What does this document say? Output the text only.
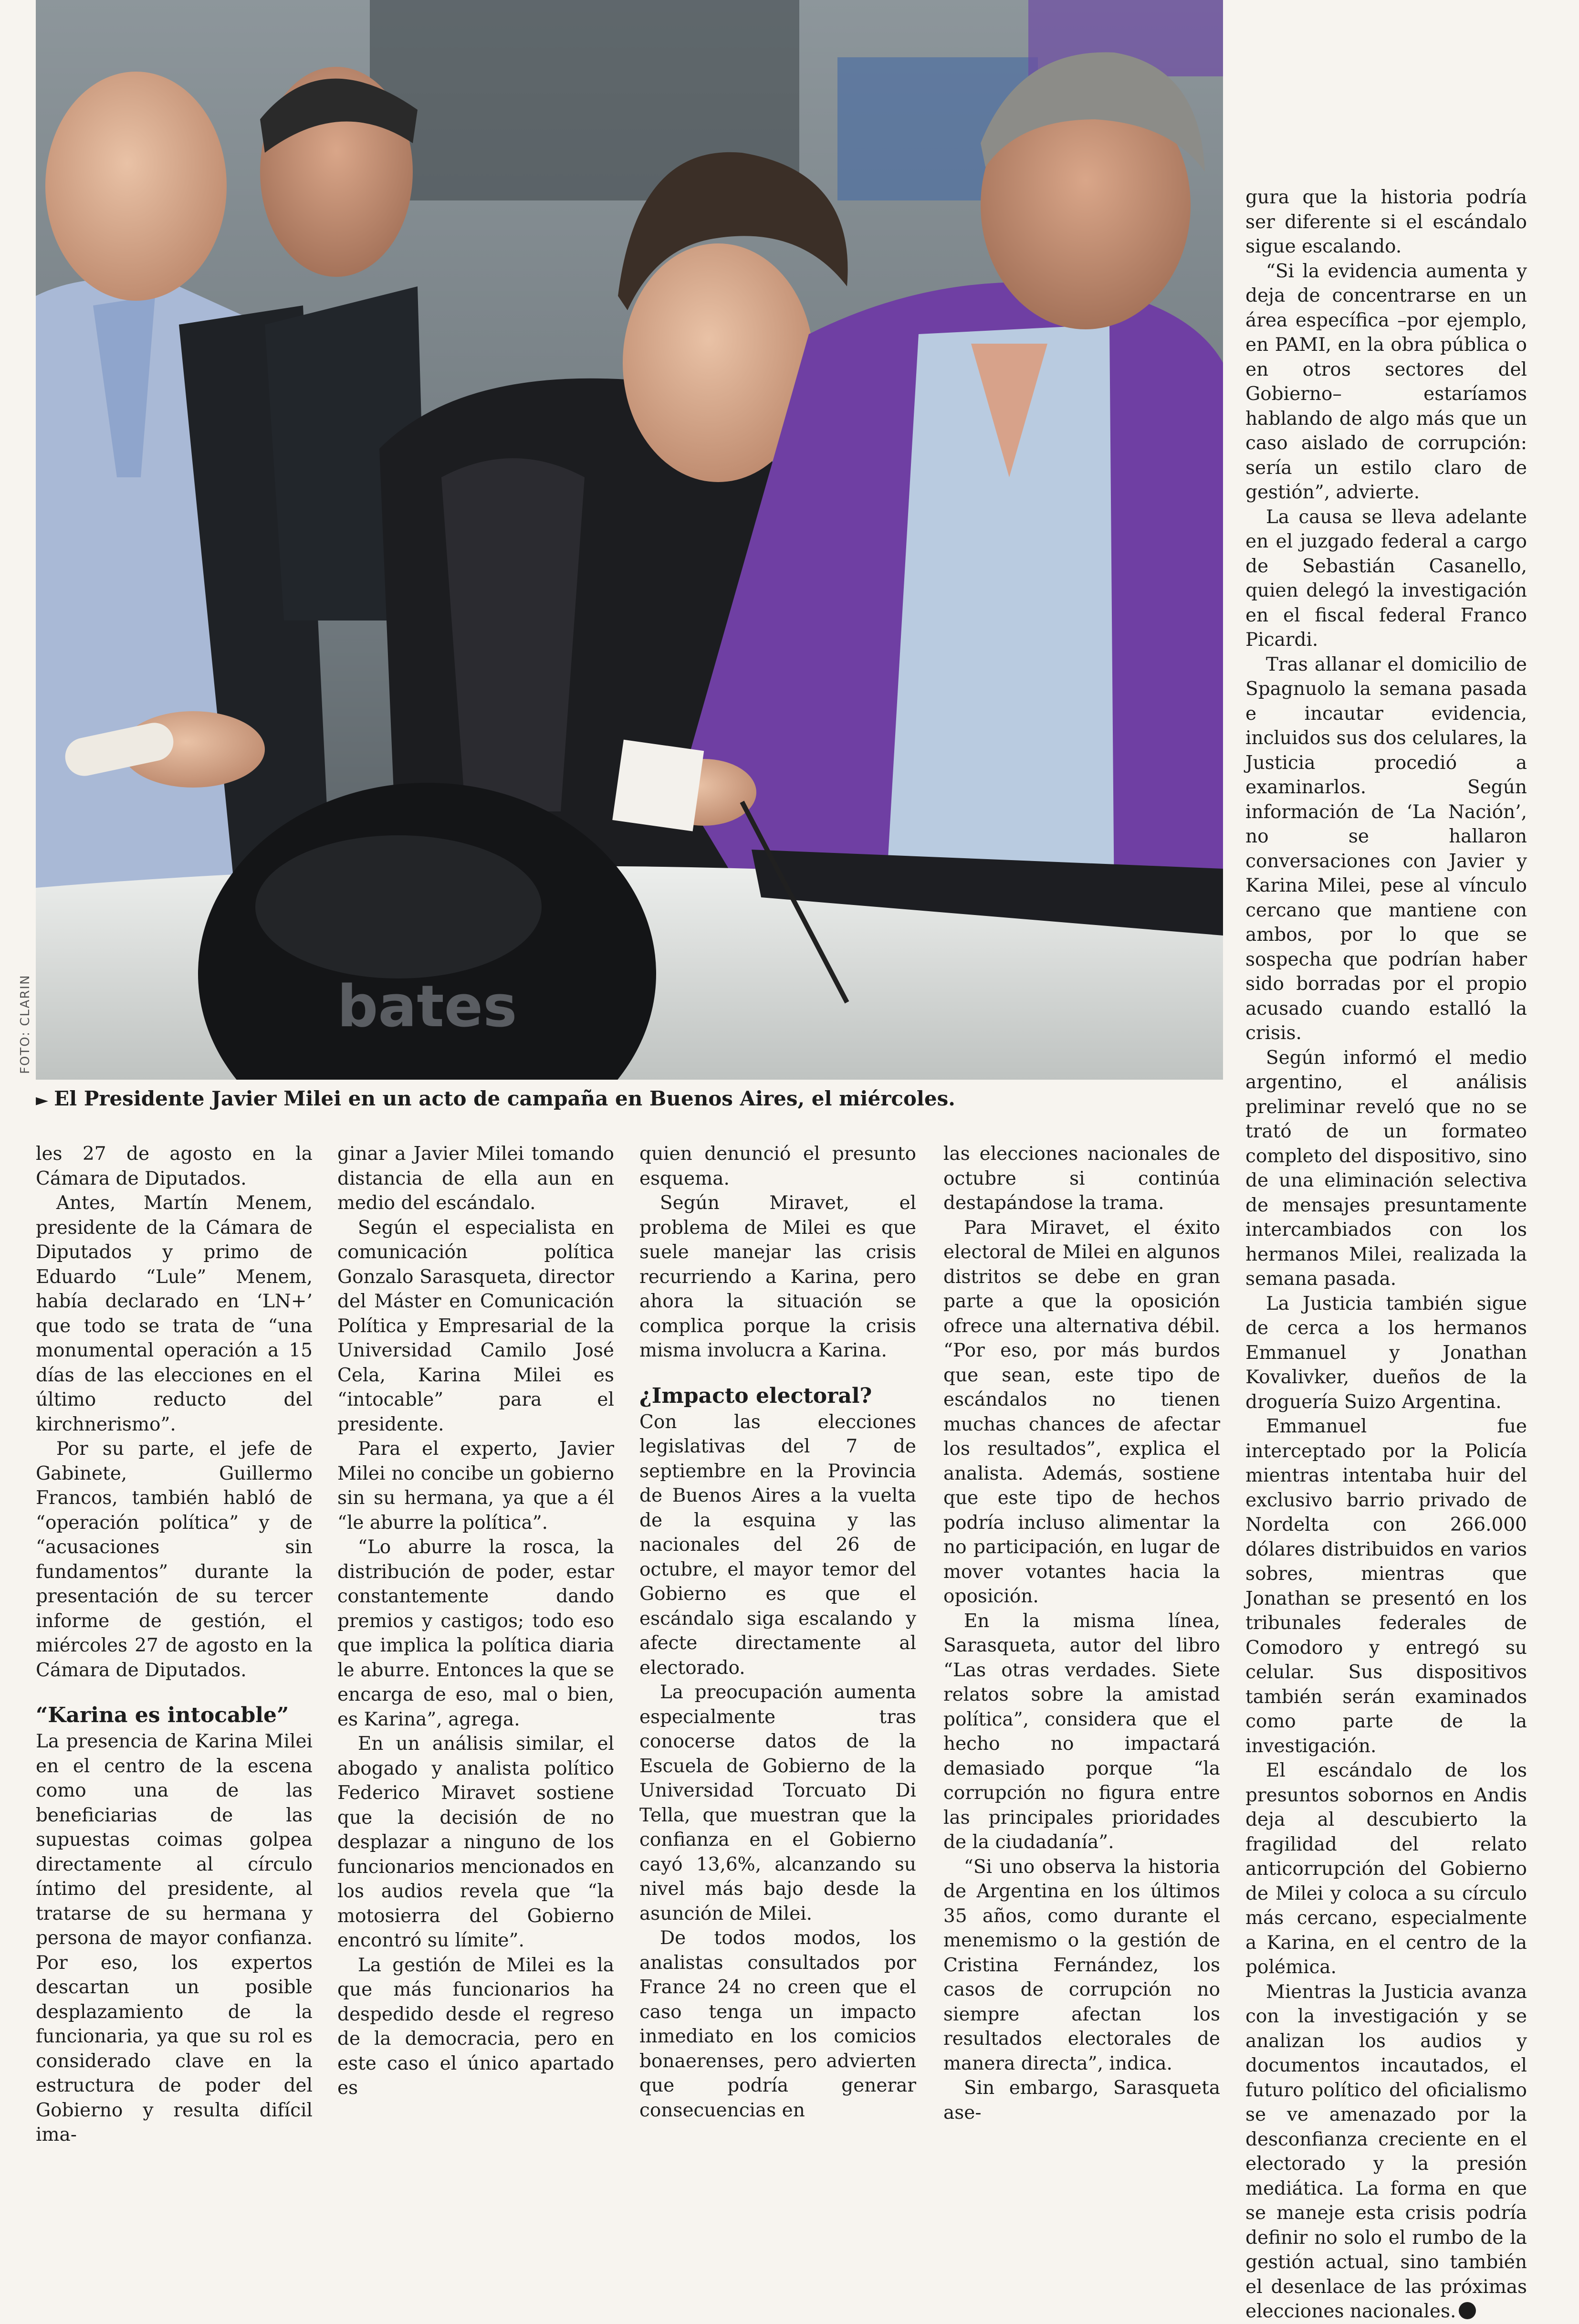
bates
FOTO: CLARIN
► El Presidente Javier Milei en un acto de campaña en Buenos Aires, el miércoles.

les 27 de agosto en la Cámara de Diputados.

Antes, Martín Menem, presidente de la Cámara de Diputados y primo de Eduardo “Lule” Menem, había declarado en ‘LN+’ que todo se trata de “una monumental operación a 15 días de las elecciones en el último reducto del kirchnerismo”.

Por su parte, el jefe de Gabinete, Guillermo Francos, también habló de “operación política” y de “acusaciones sin fundamentos” durante la presentación de su tercer informe de gestión, el miércoles 27 de agosto en la Cámara de Diputados.

“Karina es intocable”

La presencia de Karina Milei en el centro de la escena como una de las beneficiarias de las supuestas coimas golpea directamente al círculo íntimo del presidente, al tratarse de su hermana y persona de mayor confianza. Por eso, los expertos descartan un posible desplazamiento de la funcionaria, ya que su rol es considerado clave en la estructura de poder del Gobierno y resulta difícil ima-

ginar a Javier Milei tomando distancia de ella aun en medio del escándalo.

Según el especialista en comunicación política Gonzalo Sarasqueta, director del Máster en Comunicación Política y Empresarial de la Universidad Camilo José Cela, Karina Milei es “intocable” para el presidente.

Para el experto, Javier Milei no concibe un gobierno sin su hermana, ya que a él “le aburre la política”.

“Lo aburre la rosca, la distribución de poder, estar constantemente dando premios y castigos; todo eso que implica la política diaria le aburre. Entonces la que se encarga de eso, mal o bien, es Karina”, agrega.

En un análisis similar, el abogado y analista político Federico Miravet sostiene que la decisión de no desplazar a ninguno de los funcionarios mencionados en los audios revela que “la motosierra del Gobierno encontró su límite”.

La gestión de Milei es la que más funcionarios ha despedido desde el regreso de la democracia, pero en este caso el único apartado es

quien denunció el presunto esquema.

Según Miravet, el problema de Milei es que suele manejar las crisis recurriendo a Karina, pero ahora la situación se complica porque la crisis misma involucra a Karina.

¿Impacto electoral?

Con las elecciones legislativas del 7 de septiembre en la Provincia de Buenos Aires a la vuelta de la esquina y las nacionales del 26 de octubre, el mayor temor del Gobierno es que el escándalo siga escalando y afecte directamente al electorado.

La preocupación aumenta especialmente tras conocerse datos de la Escuela de Gobierno de la Universidad Torcuato Di Tella, que muestran que la confianza en el Gobierno cayó 13,6%, alcanzando su nivel más bajo desde la asunción de Milei.

De todos modos, los analistas consultados por France 24 no creen que el caso tenga un impacto inmediato en los comicios bonaerenses, pero advierten que podría generar consecuencias en

las elecciones nacionales de octubre si continúa destapándose la trama.

Para Miravet, el éxito electoral de Milei en algunos distritos se debe en gran parte a que la oposición ofrece una alternativa débil. “Por eso, por más burdos que sean, este tipo de escándalos no tienen muchas chances de afectar los resultados”, explica el analista. Además, sostiene que este tipo de hechos podría incluso alimentar la no participación, en lugar de mover votantes hacia la oposición.

En la misma línea, Sarasqueta, autor del libro “Las otras verdades. Siete relatos sobre la amistad política”, considera que el hecho no impactará demasiado porque “la corrupción no figura entre las principales prioridades de la ciudadanía”.

“Si uno observa la historia de Argentina en los últimos 35 años, como durante el menemismo o la gestión de Cristina Fernández, los casos de corrupción no siempre afectan los resultados electorales de manera directa”, indica.

Sin embargo, Sarasqueta ase-

gura que la historia podría ser diferente si el escándalo sigue escalando.

“Si la evidencia aumenta y deja de concentrarse en un área específica –por ejemplo, en PAMI, en la obra pública o en otros sectores del Gobierno– estaríamos hablando de algo más que un caso aislado de corrupción: sería un estilo claro de gestión”, advierte.

La causa se lleva adelante en el juzgado federal a cargo de Sebastián Casanello, quien delegó la investigación en el fiscal federal Franco Picardi.

Tras allanar el domicilio de Spagnuolo la semana pasada e incautar evidencia, incluidos sus dos celulares, la Justicia procedió a examinarlos. Según información de ‘La Nación’, no se hallaron conversaciones con Javier y Karina Milei, pese al vínculo cercano que mantiene con ambos, por lo que se sospecha que podrían haber sido borradas por el propio acusado cuando estalló la crisis.

Según informó el medio argentino, el análisis preliminar reveló que no se trató de un formateo completo del dispositivo, sino de una eliminación selectiva de mensajes presuntamente intercambiados con los hermanos Milei, realizada la semana pasada.

La Justicia también sigue de cerca a los hermanos Emmanuel y Jonathan Kovalivker, dueños de la droguería Suizo Argentina.

Emmanuel fue interceptado por la Policía mientras intentaba huir del exclusivo barrio privado de Nordelta con 266.000 dólares distribuidos en varios sobres, mientras que Jonathan se presentó en los tribunales federales de Comodoro y entregó su celular. Sus dispositivos también serán examinados como parte de la investigación.

El escándalo de los presuntos sobornos en Andis deja al descubierto la fragilidad del relato anticorrupción del Gobierno de Milei y coloca a su círculo más cercano, especialmente a Karina, en el centro de la polémica.

Mientras la Justicia avanza con la investigación y se analizan los audios y documentos incautados, el futuro político del oficialismo se ve amenazado por la desconfianza creciente en el electorado y la presión mediática. La forma en que se maneje esta crisis podría definir no solo el rumbo de la gestión actual, sino también el desenlace de las próximas elecciones nacionales.
